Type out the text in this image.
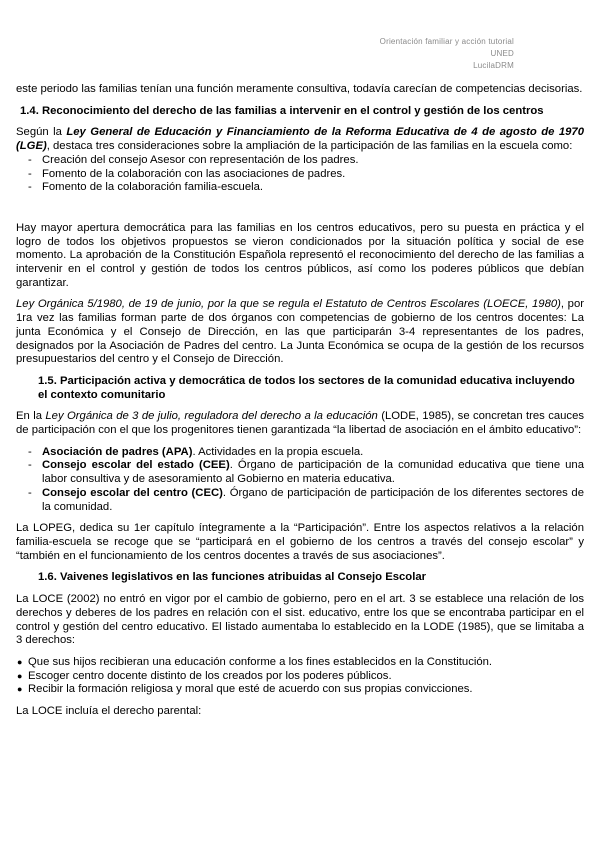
Orientación familiar y acción tutorial
UNED
LucilaDRM

este periodo las familias tenían una función meramente consultiva, todavía carecían de competencias decisorias.

1.4. Reconocimiento del derecho de las familias a intervenir en el control y gestión de los centros

Según la Ley General de Educación y Financiamiento de la Reforma Educativa de 4 de agosto de 1970 (LGE), destaca tres consideraciones sobre la ampliación de la participación de las familias en la escuela como:

- Creación del consejo Asesor con representación de los padres.
- Fomento de la colaboración con las asociaciones de padres.
- Fomento de la colaboración familia-escuela.

Hay mayor apertura democrática para las familias en los centros educativos, pero su puesta en práctica y el logro de todos los objetivos propuestos se vieron condicionados por la situación política y social de ese momento. La aprobación de la Constitución Española representó el reconocimiento del derecho de las familias a intervenir en el control y gestión de todos los centros públicos, así como los poderes públicos que debían garantizar.

Ley Orgánica 5/1980, de 19 de junio, por la que se regula el Estatuto de Centros Escolares (LOECE, 1980), por 1ra vez las familias forman parte de dos órganos con competencias de gobierno de los centros docentes: La junta Económica y el Consejo de Dirección, en las que participarán 3-4 representantes de los padres, designados por la Asociación de Padres del centro. La Junta Económica se ocupa de la gestión de los recursos presupuestarios del centro y el Consejo de Dirección.

1.5. Participación activa y democrática de todos los sectores de la comunidad educativa incluyendo el contexto comunitario

En la Ley Orgánica de 3 de julio, reguladora del derecho a la educación (LODE, 1985), se concretan tres cauces de participación con el que los progenitores tienen garantizada “la libertad de asociación en el ámbito educativo”:

- Asociación de padres (APA). Actividades en la propia escuela.
- Consejo escolar del estado (CEE). Órgano de participación de la comunidad educativa que tiene una labor consultiva y de asesoramiento al Gobierno en materia educativa.
- Consejo escolar del centro (CEC). Órgano de participación de participación de los diferentes sectores de la comunidad.

La LOPEG, dedica su 1er capítulo íntegramente a la “Participación”. Entre los aspectos relativos a la relación familia-escuela se recoge que se “participará en el gobierno de los centros a través del consejo escolar” y “también en el funcionamiento de los centros docentes a través de sus asociaciones”.

1.6. Vaivenes legislativos en las funciones atribuidas al Consejo Escolar

La LOCE (2002) no entró en vigor por el cambio de gobierno, pero en el art. 3 se establece una relación de los derechos y deberes de los padres en relación con el sist. educativo, entre los que se encontraba participar en el control y gestión del centro educativo. El listado aumentaba lo establecido en la LODE (1985), que se limitaba a 3 derechos:

● Que sus hijos recibieran una educación conforme a los fines establecidos en la Constitución.
● Escoger centro docente distinto de los creados por los poderes públicos.
● Recibir la formación religiosa y moral que esté de acuerdo con sus propias convicciones.

La LOCE incluía el derecho parental:
